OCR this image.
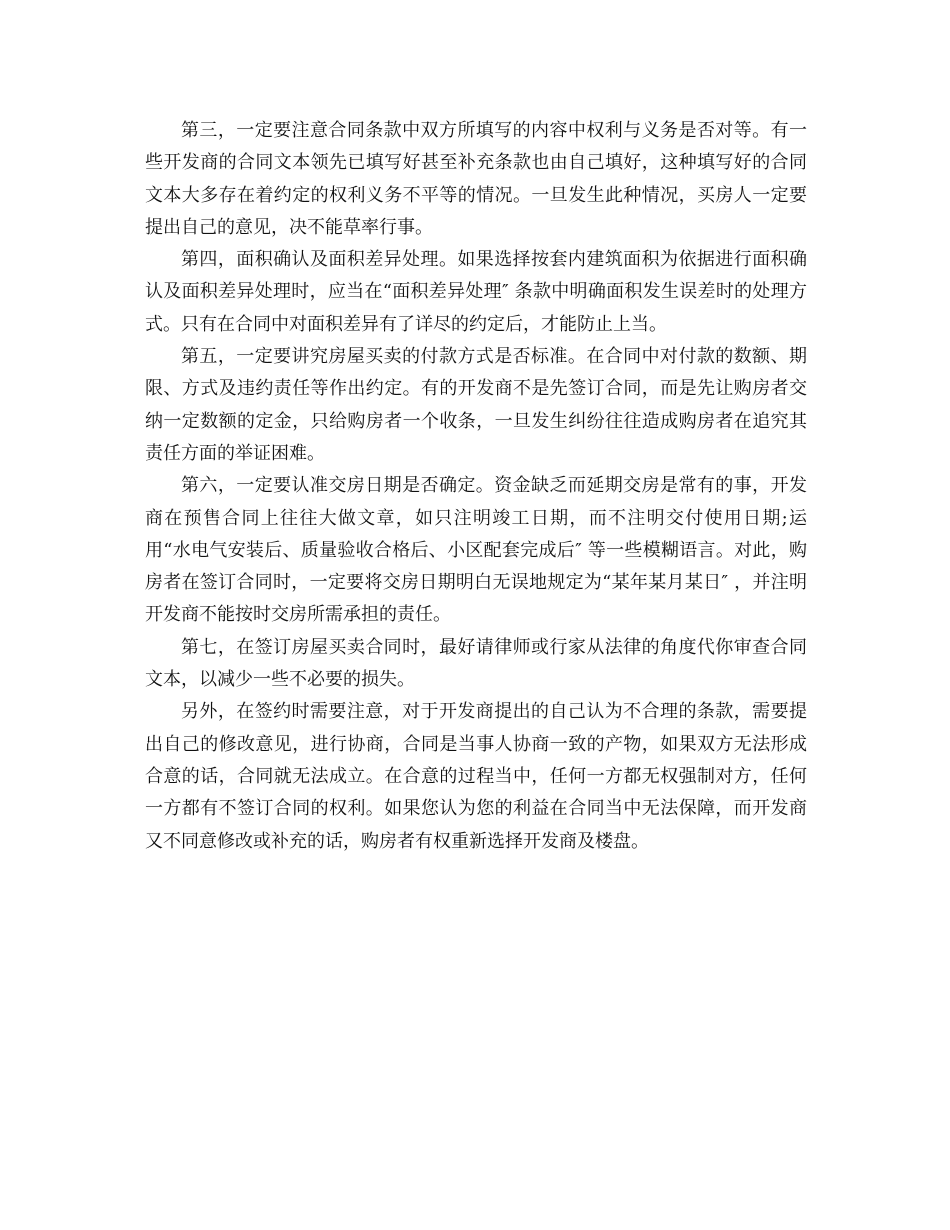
第三，一定要注意合同条款中双方所填写的内容中权利与义务是否对等。有一些开发商的合同文本领先已填写好甚至补充条款也由自己填好，这种填写好的合同文本大多存在着约定的权利义务不平等的情况。一旦发生此种情况，买房人一定要提出自己的意见，决不能草率行事。

第四，面积确认及面积差异处理。如果选择按套内建筑面积为依据进行面积确认及面积差异处理时，应当在“面积差异处理″ 条款中明确面积发生误差时的处理方式。只有在合同中对面积差异有了详尽的约定后，才能防止上当。

第五，一定要讲究房屋买卖的付款方式是否标准。在合同中对付款的数额、期限、方式及违约责任等作出约定。有的开发商不是先签订合同，而是先让购房者交纳一定数额的定金，只给购房者一个收条，一旦发生纠纷往往造成购房者在追究其责任方面的举证困难。

第六，一定要认准交房日期是否确定。资金缺乏而延期交房是常有的事，开发商在预售合同上往往大做文章，如只注明竣工日期，而不注明交付使用日期;运用“水电气安装后、质量验收合格后、小区配套完成后″ 等一些模糊语言。对此，购房者在签订合同时，一定要将交房日期明白无误地规定为“某年某月某日″ ，并注明开发商不能按时交房所需承担的责任。

第七，在签订房屋买卖合同时，最好请律师或行家从法律的角度代你审查合同文本，以减少一些不必要的损失。

另外，在签约时需要注意，对于开发商提出的自己认为不合理的条款，需要提出自己的修改意见，进行协商，合同是当事人协商一致的产物，如果双方无法形成合意的话，合同就无法成立。在合意的过程当中，任何一方都无权强制对方，任何一方都有不签订合同的权利。如果您认为您的利益在合同当中无法保障，而开发商又不同意修改或补充的话，购房者有权重新选择开发商及楼盘。
